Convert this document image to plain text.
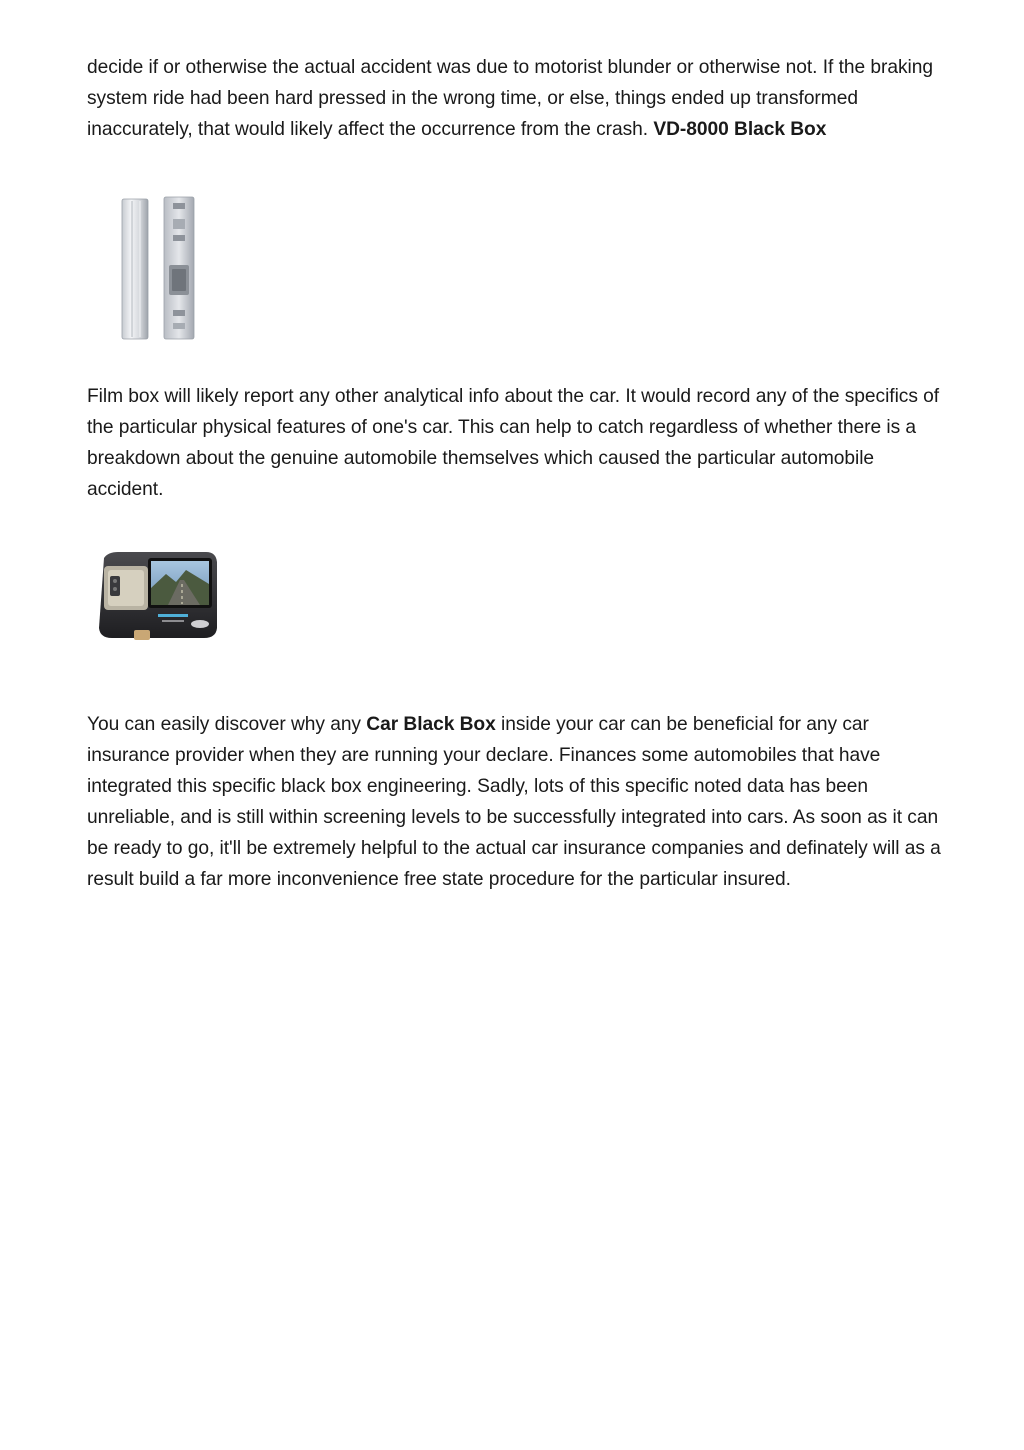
decide if or otherwise the actual accident was due to motorist blunder or otherwise not. If the braking system ride had been hard pressed in the wrong time, or else, things ended up transformed inaccurately, that would likely affect the occurrence from the crash. VD-8000 Black Box

Film box will likely report any other analytical info about the car. It would record any of the specifics of the particular physical features of one's car. This can help to catch regardless of whether there is a breakdown about the genuine automobile themselves which caused the particular automobile accident.

You can easily discover why any Car Black Box inside your car can be beneficial for any car insurance provider when they are running your declare. Finances some automobiles that have integrated this specific black box engineering. Sadly, lots of this specific noted data has been unreliable, and is still within screening levels to be successfully integrated into cars. As soon as it can be ready to go, it'll be extremely helpful to the actual car insurance companies and definately will as a result build a far more inconvenience free state procedure for the particular insured.
